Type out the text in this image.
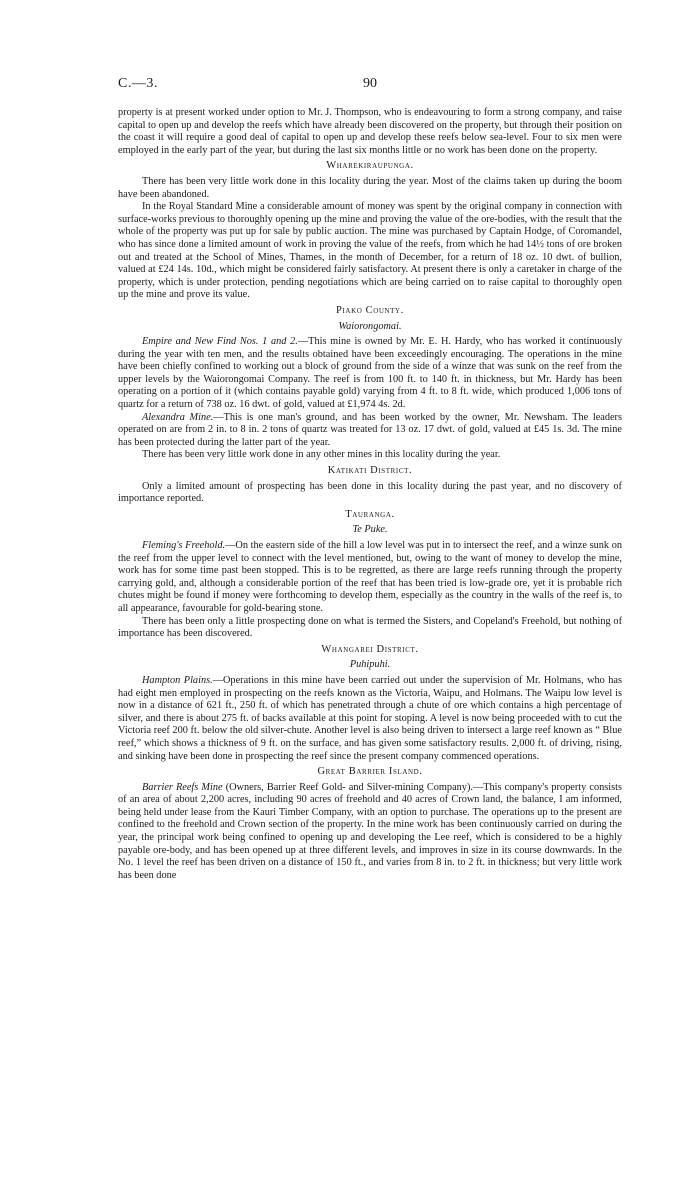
C.—3.	90

property is at present worked under option to Mr. J. Thompson, who is endeavouring to form a strong company, and raise capital to open up and develop the reefs which have already been discovered on the property, but through their position on the coast it will require a good deal of capital to open up and develop these reefs below sea-level. Four to six men were employed in the early part of the year, but during the last six months little or no work has been done on the property.

Wharekiraupunga.

There has been very little work done in this locality during the year. Most of the claims taken up during the boom have been abandoned.

In the Royal Standard Mine a considerable amount of money was spent by the original company in connection with surface-works previous to thoroughly opening up the mine and proving the value of the ore-bodies, with the result that the whole of the property was put up for sale by public auction. The mine was purchased by Captain Hodge, of Coromandel, who has since done a limited amount of work in proving the value of the reefs, from which he had 14½ tons of ore broken out and treated at the School of Mines, Thames, in the month of December, for a return of 18 oz. 10 dwt. of bullion, valued at £24 14s. 10d., which might be considered fairly satisfactory. At present there is only a caretaker in charge of the property, which is under protection, pending negotiations which are being carried on to raise capital to thoroughly open up the mine and prove its value.

Piako County.
Waiorongomai.

Empire and New Find Nos. 1 and 2.—This mine is owned by Mr. E. H. Hardy, who has worked it continuously during the year with ten men, and the results obtained have been exceedingly encouraging. The operations in the mine have been chiefly confined to working out a block of ground from the side of a winze that was sunk on the reef from the upper levels by the Waiorongomai Company. The reef is from 100 ft. to 140 ft. in thickness, but Mr. Hardy has been operating on a portion of it (which contains payable gold) varying from 4 ft. to 8 ft. wide, which produced 1,006 tons of quartz for a return of 738 oz. 16 dwt. of gold, valued at £1,974 4s. 2d.

Alexandra Mine.—This is one man's ground, and has been worked by the owner, Mr. Newsham. The leaders operated on are from 2 in. to 8 in. 2 tons of quartz was treated for 13 oz. 17 dwt. of gold, valued at £45 1s. 3d. The mine has been protected during the latter part of the year.

There has been very little work done in any other mines in this locality during the year.

Katikati District.

Only a limited amount of prospecting has been done in this locality during the past year, and no discovery of importance reported.

Tauranga.
Te Puke.

Fleming's Freehold.—On the eastern side of the hill a low level was put in to intersect the reef, and a winze sunk on the reef from the upper level to connect with the level mentioned, but, owing to the want of money to develop the mine, work has for some time past been stopped. This is to be regretted, as there are large reefs running through the property carrying gold, and, although a considerable portion of the reef that has been tried is low-grade ore, yet it is probable rich chutes might be found if money were forthcoming to develop them, especially as the country in the walls of the reef is, to all appearance, favourable for gold-bearing stone.

There has been only a little prospecting done on what is termed the Sisters, and Copeland's Freehold, but nothing of importance has been discovered.

Whangarei District.
Puhipuhi.

Hampton Plains.—Operations in this mine have been carried out under the supervision of Mr. Holmans, who has had eight men employed in prospecting on the reefs known as the Victoria, Waipu, and Holmans. The Waipu low level is now in a distance of 621 ft., 250 ft. of which has penetrated through a chute of ore which contains a high percentage of silver, and there is about 275 ft. of backs available at this point for stoping. A level is now being proceeded with to cut the Victoria reef 200 ft. below the old silver-chute. Another level is also being driven to intersect a large reef known as “ Blue reef,” which shows a thickness of 9 ft. on the surface, and has given some satisfactory results. 2,000 ft. of driving, rising, and sinking have been done in prospecting the reef since the present company commenced operations.

Great Barrier Island.

Barrier Reefs Mine (Owners, Barrier Reef Gold- and Silver-mining Company).—This company's property consists of an area of about 2,200 acres, including 90 acres of freehold and 40 acres of Crown land, the balance, I am informed, being held under lease from the Kauri Timber Company, with an option to purchase. The operations up to the present are confined to the freehold and Crown section of the property. In the mine work has been continuously carried on during the year, the principal work being confined to opening up and developing the Lee reef, which is considered to be a highly payable ore-body, and has been opened up at three different levels, and improves in size in its course downwards. In the No. 1 level the reef has been driven on a distance of 150 ft., and varies from 8 in. to 2 ft. in thickness; but very little work has been done
